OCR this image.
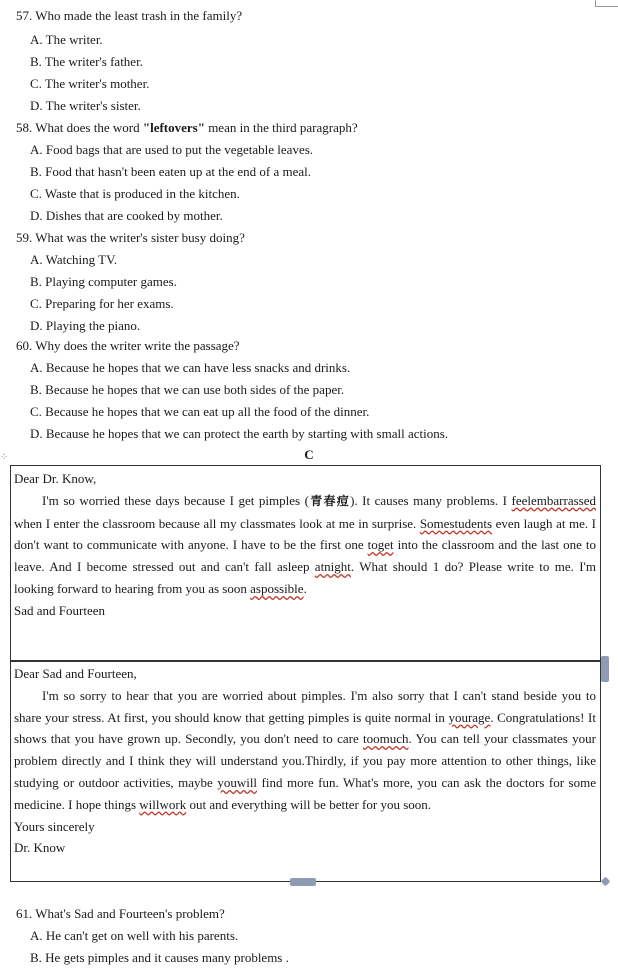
57. Who made the least trash in the family?
A. The writer.
B. The writer's father.
C. The writer's mother.
D. The writer's sister.
58. What does the word "leftovers" mean in the third paragraph?
A. Food bags that are used to put the vegetable leaves.
B. Food that hasn't been eaten up at the end of a meal.
C. Waste that is produced in the kitchen.
D. Dishes that are cooked by mother.
59. What was the writer's sister busy doing?
A. Watching TV.
B. Playing computer games.
C. Preparing for her exams.
D. Playing the piano.
60. Why does the writer write the passage?
A. Because he hopes that we can have less snacks and drinks.
B. Because he hopes that we can use both sides of the paper.
C. Because he hopes that we can eat up all the food of the dinner.
D. Because he hopes that we can protect the earth by starting with small actions.
C
⁘

Dear Dr. Know,

I'm so worried these days because I get pimples (青春痘). It causes many problems. I feelembarrassed when I enter the classroom because all my classmates look at me in surprise. Somestudents even laugh at me. I don't want to communicate with anyone. I have to be the first one toget into the classroom and the last one to leave. And I become stressed out and can't fall asleep atnight. What should 1 do? Please write to me. I'm looking forward to hearing from you as soon aspossible.

Sad and Fourteen

Dear Sad and Fourteen,

I'm so sorry to hear that you are worried about pimples. I'm also sorry that I can't stand beside you to share your stress. At first, you should know that getting pimples is quite normal in yourage. Congratulations! It shows that you have grown up. Secondly, you don't need to care toomuch. You can tell your classmates your problem directly and I think they will understand you.Thirdly, if you pay more attention to other things, like studying or outdoor activities, maybe youwill find more fun. What's more, you can ask the doctors for some medicine. I hope things willwork out and everything will be better for you soon.

Yours sincerely

Dr. Know

61. What's Sad and Fourteen's problem?
A. He can't get on well with his parents.
B. He gets pimples and it causes many problems .
